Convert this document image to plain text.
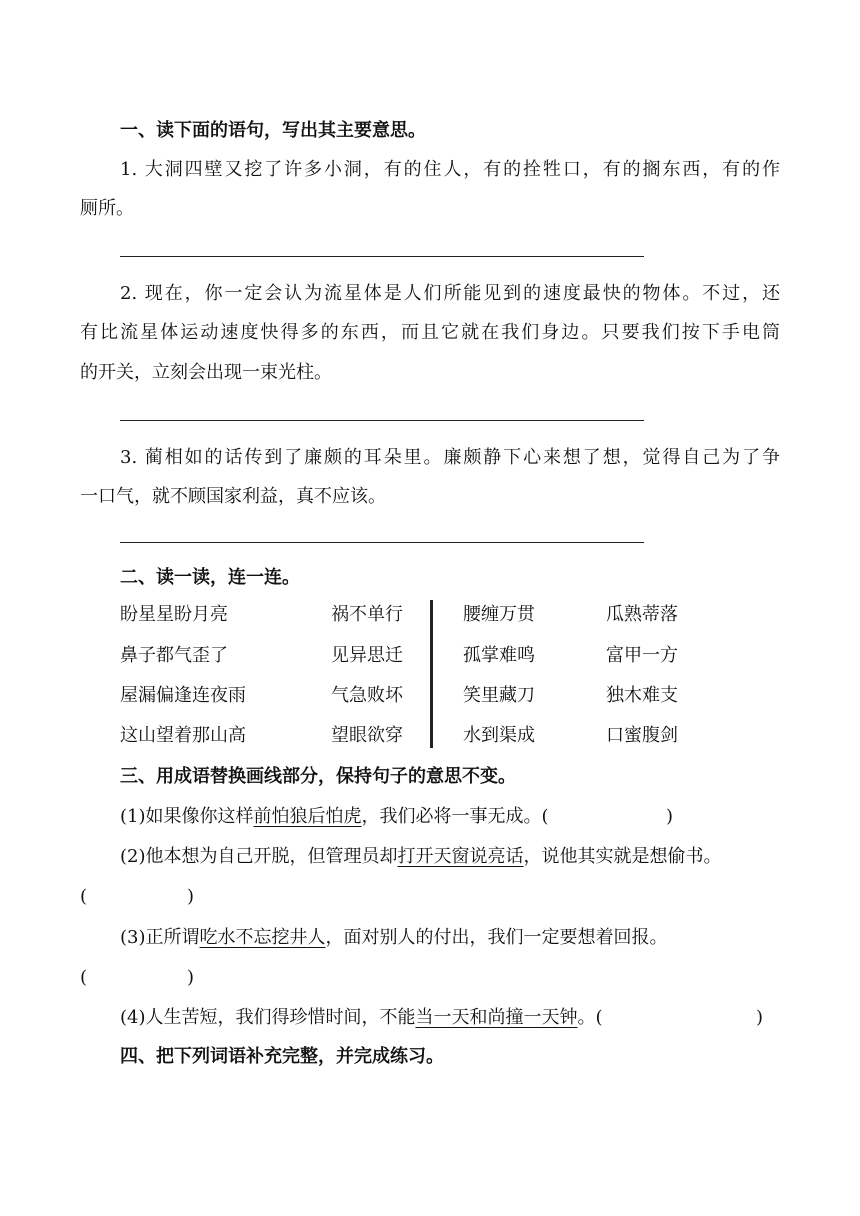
一、读下面的语句，写出其主要意思。
1. 大洞四壁又挖了许多小洞，有的住人，有的拴牲口，有的搁东西，有的作
厕所。
2. 现在，你一定会认为流星体是人们所能见到的速度最快的物体。不过，还
有比流星体运动速度快得多的东西，而且它就在我们身边。只要我们按下手电筒
的开关，立刻会出现一束光柱。
3. 蔺相如的话传到了廉颇的耳朵里。廉颇静下心来想了想，觉得自己为了争
一口气，就不顾国家利益，真不应该。
二、读一读，连一连。
盼星星盼月亮	祸不单行	腰缠万贯	瓜熟蒂落
鼻子都气歪了	见异思迁	孤掌难鸣	富甲一方
屋漏偏逢连夜雨	气急败坏	笑里藏刀	独木难支
这山望着那山高	望眼欲穿	水到渠成	口蜜腹剑
三、用成语替换画线部分，保持句子的意思不变。
(1)如果像你这样前怕狼后怕虎，我们必将一事无成。(	)
(2)他本想为自己开脱，但管理员却打开天窗说亮话，说他其实就是想偷书。
(	)
(3)正所谓吃水不忘挖井人，面对别人的付出，我们一定要想着回报。
(	)
(4)人生苦短，我们得珍惜时间，不能当一天和尚撞一天钟。(	)
四、把下列词语补充完整，并完成练习。
